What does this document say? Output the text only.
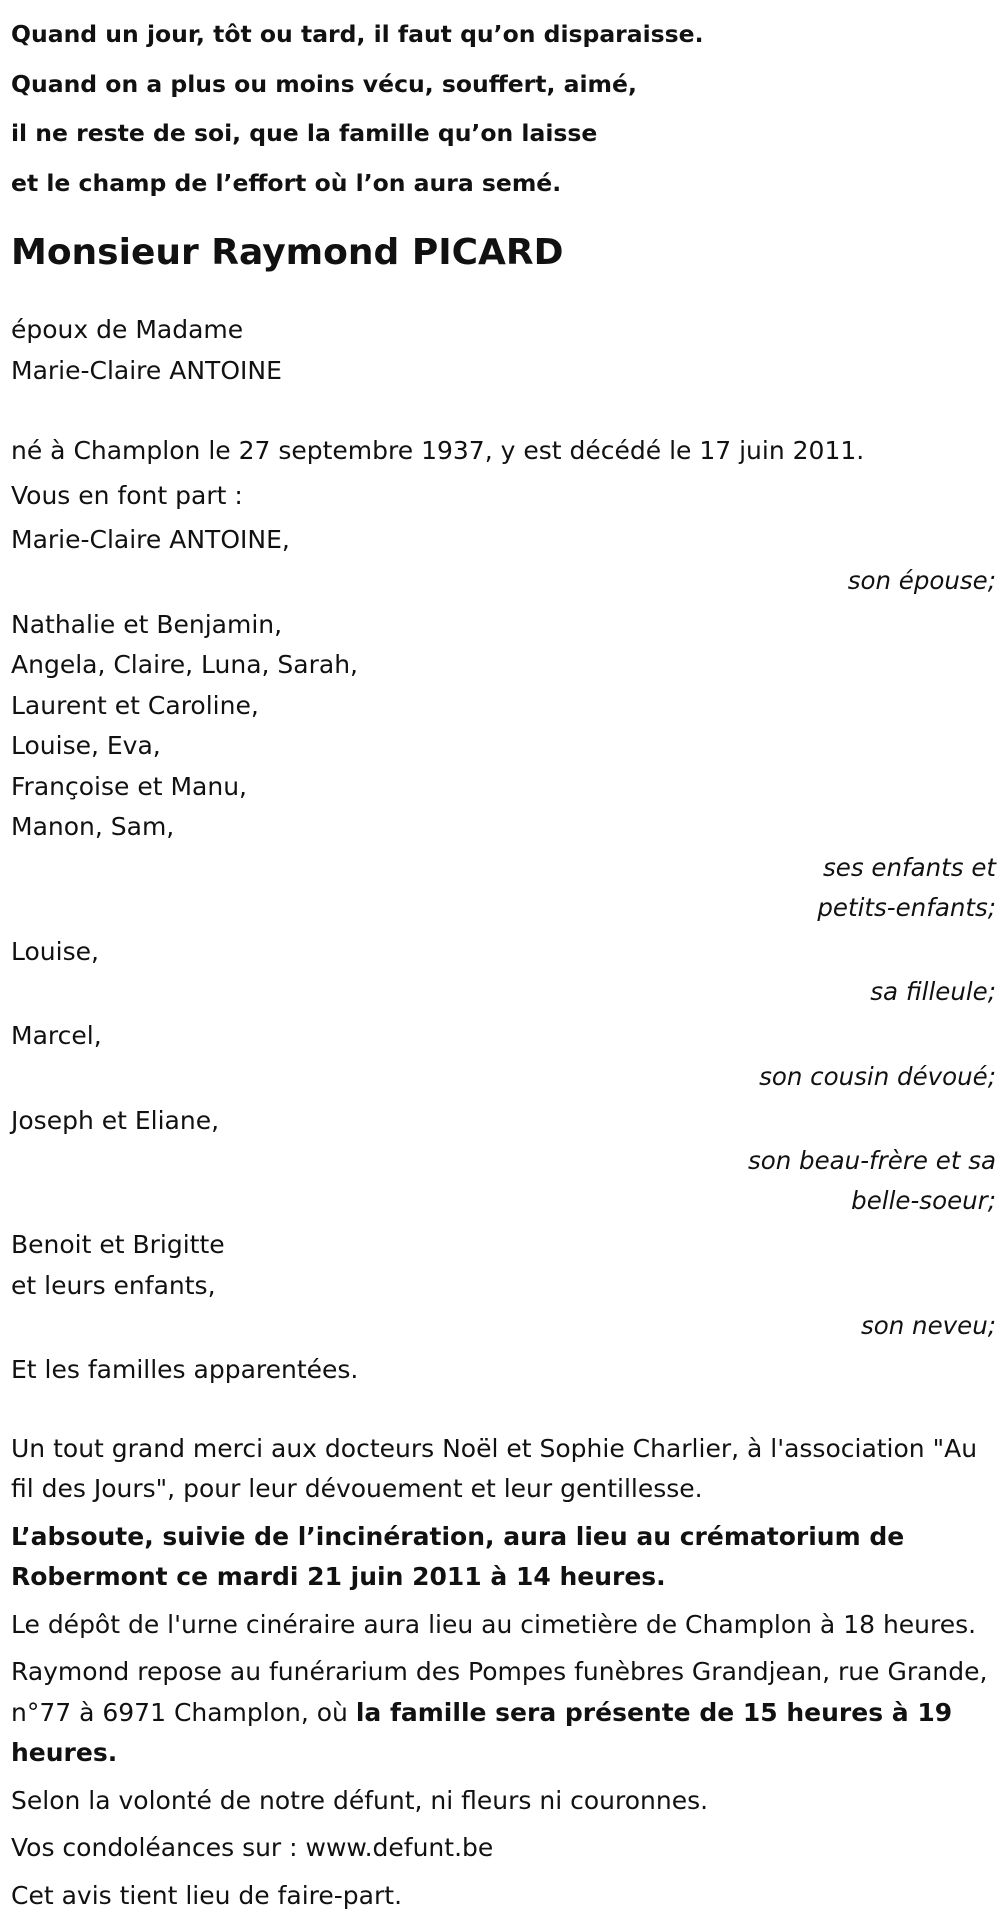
Quand un jour, tôt ou tard, il faut qu’on disparaisse.

Quand on a plus ou moins vécu, souffert, aimé,

il ne reste de soi, que la famille qu’on laisse

et le champ de l’effort où l’on aura semé.

Monsieur Raymond PICARD
époux de Madame
Marie-Claire ANTOINE
né à Champlon le 27 septembre 1937, y est décédé le 17 juin 2011.
Vous en font part :
Marie-Claire ANTOINE,
son épouse;
Nathalie et Benjamin,
Angela, Claire, Luna, Sarah,
Laurent et Caroline,
Louise, Eva,
Françoise et Manu,
Manon, Sam,
ses enfants et
petits-enfants;
Louise,
sa filleule;
Marcel,
son cousin dévoué;
Joseph et Eliane,
son beau-frère et sa
belle-soeur;
Benoit et Brigitte
et leurs enfants,
son neveu;
Et les familles apparentées.
Un tout grand merci aux docteurs Noël et Sophie Charlier, à l'association "Au fil des Jours", pour leur dévouement et leur gentillesse.
L’absoute, suivie de l’incinération, aura lieu au crématorium de Robermont ce mardi 21 juin 2011 à 14 heures.
Le dépôt de l'urne cinéraire aura lieu au cimetière de Champlon à 18 heures.
Raymond repose au funérarium des Pompes funèbres Grandjean, rue Grande, n°77 à 6971 Champlon, où la famille sera présente de 15 heures à 19 heures.
Selon la volonté de notre défunt, ni fleurs ni couronnes.
Vos condoléances sur : www.defunt.be
Cet avis tient lieu de faire-part.
